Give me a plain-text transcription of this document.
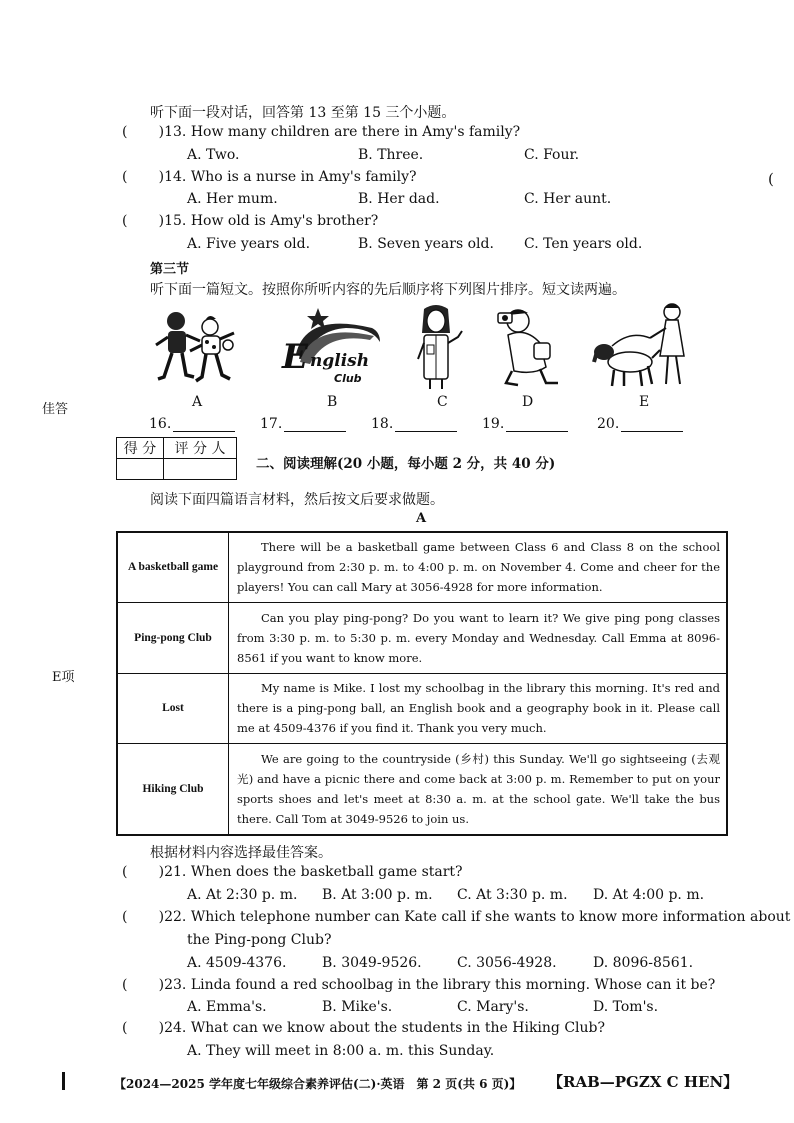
佳答
E项
(
听下面一段对话，回答第 13 至第 15 三个小题。
(       )13. How many children are there in Amy's family?
A. Two.	B. Three.	C. Four.
(       )14. Who is a nurse in Amy's family?
A. Her mum.	B. Her dad.	C. Her aunt.
(       )15. How old is Amy's brother?
A. Five years old.	B. Seven years old. C. Ten years old.
第三节
听下面一篇短文。按照你所听内容的先后顺序将下列图片排序。短文读两遍。
A
E nglish
Club
B	C	D	E
16.	17.	18.	19.	20.
得 分	评 分 人

二、阅读理解(20 小题，每小题 2 分，共 40 分)
阅读下面四篇语言材料，然后按文后要求做题。
A
A basketball game	There will be a basketball game between Class 6 and Class 8 on the school playground from 2:30 p. m. to 4:00 p. m. on November 4. Come and cheer for the players! You can call Mary at 3056-4928 for more information.
Ping-pong Club	Can you play ping-pong? Do you want to learn it? We give ping pong classes from 3:30 p. m. to 5:30 p. m. every Monday and Wednesday. Call Emma at 8096-8561 if you want to know more.
Lost	My name is Mike. I lost my schoolbag in the library this morning. It's red and there is a ping-pong ball, an English book and a geography book in it. Please call me at 4509-4376 if you find it. Thank you very much.
Hiking Club	We are going to the countryside (乡村) this Sunday. We'll go sightseeing (去观光) and have a picnic there and come back at 3:00 p. m. Remember to put on your sports shoes and let's meet at 8:30 a. m. at the school gate. We'll take the bus there. Call Tom at 3049-9526 to join us.
根据材料内容选择最佳答案。
(       )21. When does the basketball game start?
A. At 2:30 p. m. B. At 3:00 p. m. C. At 3:30 p. m. D. At 4:00 p. m.
(       )22. Which telephone number can Kate call if she wants to know more information about
the Ping-pong Club?
A. 4509-4376.	B. 3049-9526.	C. 3056-4928.	D. 8096-8561.
(       )23. Linda found a red schoolbag in the library this morning. Whose can it be?
A. Emma's.	B. Mike's.	C. Mary's.	D. Tom's.
(       )24. What can we know about the students in the Hiking Club?
A. They will meet in 8:00 a. m. this Sunday.
【2024—2025 学年度七年级综合素养评估(二)·英语　第 2 页(共 6 页)】 【RAB—PGZX C HEN】
